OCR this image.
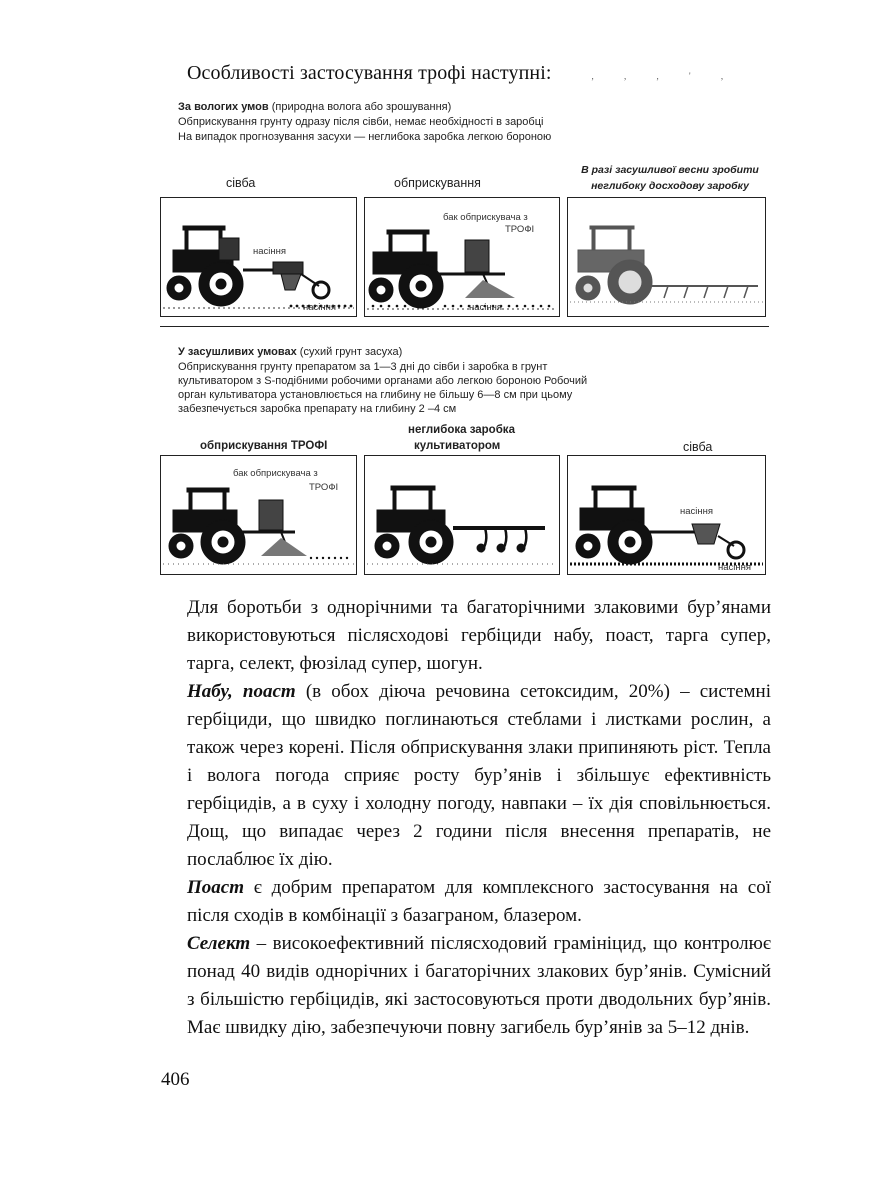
Особливості застосування трофі наступні:	, , , ' ,
За вологих умов (природна волога або зрошування)
Обприскування грунту одразу після сівби, немає необхідності в заробці
На випадок прогнозування засухи — неглибока заробка легкою бороною
В разі засушливої весни зробити неглибоку досходову заробку
сівба	обприскування
насіння
насіння
бак обприскувача з
ТРОФІ
насіння
У засушливих умовах (сухий грунт засуха)
Обприскування грунту препаратом за 1—3 дні до сівби і заробка в грунт
культиватором з S-подібними робочими органами або легкою бороною Робочий
орган культиватора установлюється на глибину не більшу 6—8 см при цьому
забезпечується заробка препарату на глибину 2 –4 см
неглибока заробка
обприскування ТРОФІ	культиватором	сівба
бак обприскувача з
ТРОФІ
насіння
насіння

Для боротьби з однорічними та багаторічними злаковими бур’янами використовуються післясходові гербіциди набу, поаст, тарга супер, тарга, селект, фюзілад супер, шогун.

Набу, поаст (в обох діюча речовина сетоксидим, 20%) – системні гербіциди, що швидко поглинаються стеблами і листками рослин, а також через корені. Після обприскування злаки припиняють ріст. Тепла і волога погода сприяє росту бур’янів і збільшує ефективність гербіцидів, а в суху і холодну погоду, навпаки – їх дія сповільнюється. Дощ, що випадає через 2 години після внесення препаратів, не послаблює їх дію.

Поаст є добрим препаратом для комплексного застосування на сої після сходів в комбінації з базаграном, блазером.

Селект – високоефективний післясходовий грамініцид, що контролює понад 40 видів однорічних і багаторічних злакових бур’янів. Сумісний з більшістю гербіцидів, які застосовуються проти дводольних бур’янів. Має швидку дію, забезпечуючи повну загибель бур’янів за 5–12 днів.

406
